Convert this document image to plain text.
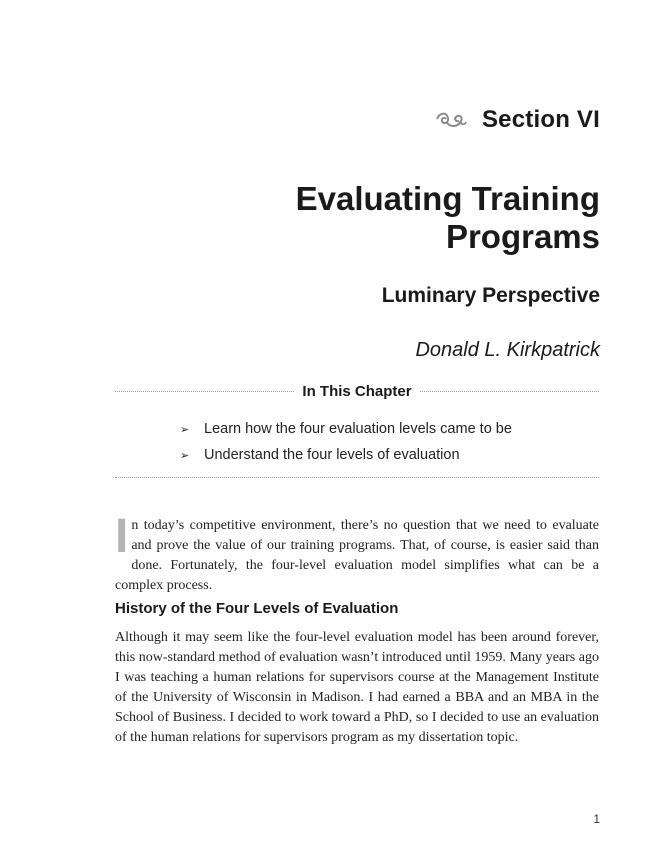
Section VI
Evaluating Training Programs
Luminary Perspective

Donald L. Kirkpatrick

In This Chapter
➢	Learn how the four evaluation levels came to be
➢	Understand the four levels of evaluation

In today’s competitive environment, there’s no question that we need to evaluate and prove the value of our training programs. That, of course, is easier said than done. Fortunately, the four-level evaluation model simplifies what can be a complex process.

History of the Four Levels of Evaluation

Although it may seem like the four-level evaluation model has been around forever, this now-standard method of evaluation wasn’t introduced until 1959. Many years ago I was teaching a human relations for supervisors course at the Management Institute of the University of Wisconsin in Madison. I had earned a BBA and an MBA in the School of Business. I decided to work toward a PhD, so I decided to use an evaluation of the human relations for supervisors program as my dissertation topic.

1
